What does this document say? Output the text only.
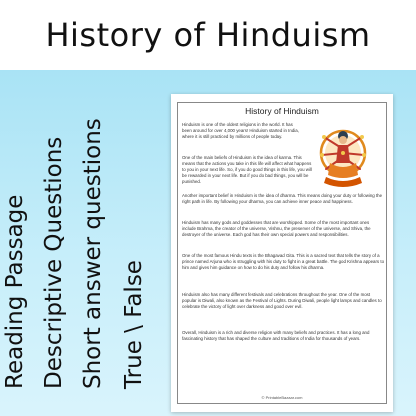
History of Hinduism
Reading Passage Descriptive Questions Short answer questions True \ False
History of Hinduism
Hinduism is one of the oldest religions in the world. It has been around for over 4,000 years! Hinduism started in India, where it is still practiced by millions of people today.
One of the main beliefs of Hinduism is the idea of karma. This means that the actions you take in this life will affect what happens to you in your next life. So, if you do good things in this life, you will be rewarded in your next life. But if you do bad things, you will be punished.
Another important belief in Hinduism is the idea of dharma. This means doing your duty or following the right path in life. By following your dharma, you can achieve inner peace and happiness.
Hinduism has many gods and goddesses that are worshipped. Some of the most important ones include Brahma, the creator of the universe, Vishnu, the preserver of the universe, and Shiva, the destroyer of the universe. Each god has their own special powers and responsibilities.
One of the most famous Hindu texts is the Bhagavad Gita. This is a sacred text that tells the story of a prince named Arjuna who is struggling with his duty to fight in a great battle. The god Krishna appears to him and gives him guidance on how to do his duty and follow his dharma.
Hinduism also has many different festivals and celebrations throughout the year. One of the most popular is Diwali, also known as the Festival of Lights. During Diwali, people light lamps and candles to celebrate the victory of light over darkness and good over evil.
Overall, Hinduism is a rich and diverse religion with many beliefs and practices. It has a long and fascinating history that has shaped the culture and traditions of India for thousands of years.
© PrintableBazaar.com
